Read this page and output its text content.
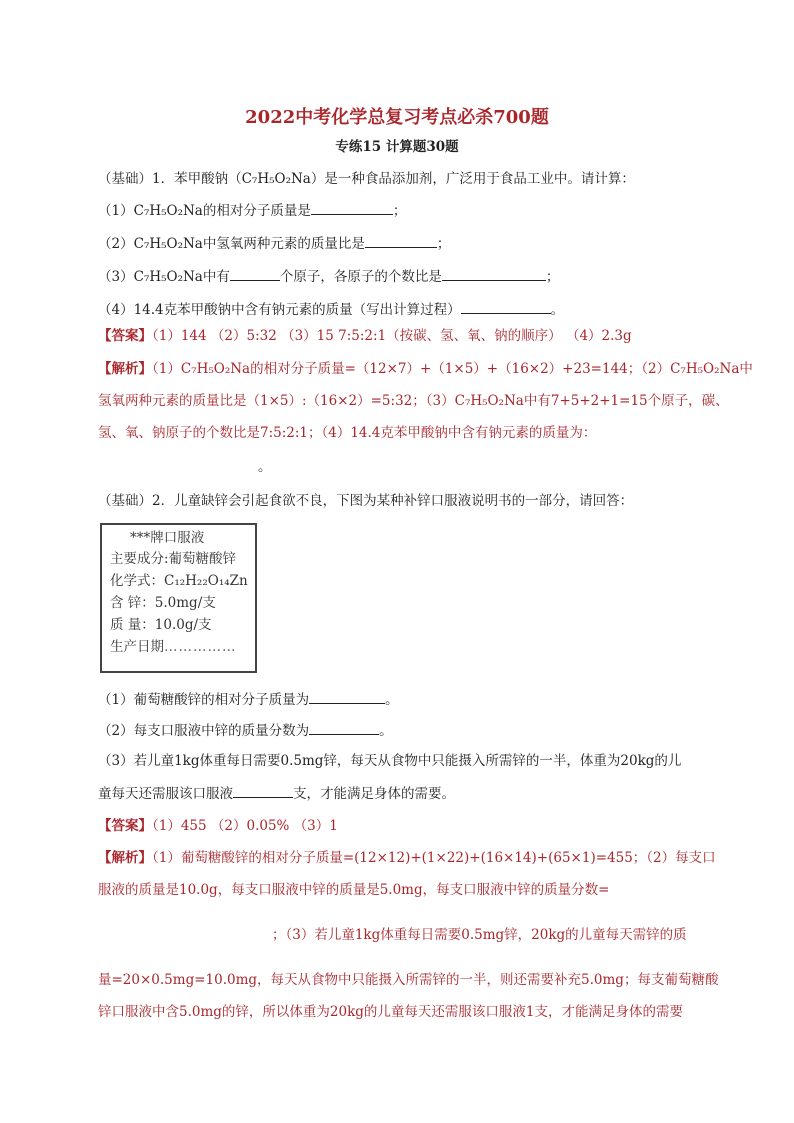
2022中考化学总复习考点必杀700题
专练15 计算题30题
（基础）1．苯甲酸钠（C₇H₅O₂Na）是一种食品添加剂，广泛用于食品工业中。请计算：
（1）C₇H₅O₂Na的相对分子质量是	；
（2）C₇H₅O₂Na中氢氧两种元素的质量比是	；
（3）C₇H₅O₂Na中有	个原子，各原子的个数比是	；
（4）14.4克苯甲酸钠中含有钠元素的质量（写出计算过程）	。
【答案】（1）144 （2）5:32 （3）15 7:5:2:1（按碳、氢、氧、钠的顺序） （4）2.3g
【解析】（1）C₇H₅O₂Na的相对分子质量=（12×7）+（1×5）+（16×2）+23=144；（2）C₇H₅O₂Na中
氢氧两种元素的质量比是（1×5）:（16×2）=5:32；（3）C₇H₅O₂Na中有7+5+2+1=15个原子，碳、
氢、氧、钠原子的个数比是7:5:2:1；（4）14.4克苯甲酸钠中含有钠元素的质量为：
。
（基础）2．儿童缺锌会引起食欲不良，下图为某种补锌口服液说明书的一部分，请回答：
***牌口服液
主要成分:葡萄糖酸锌
化学式：C₁₂H₂₂O₁₄Zn
含 锌：5.0mg/支
质 量：10.0g/支
生产日期……………
（1）葡萄糖酸锌的相对分子质量为	。
（2）每支口服液中锌的质量分数为	。
（3）若儿童1kg体重每日需要0.5mg锌，每天从食物中只能摄入所需锌的一半，体重为20kg的儿
童每天还需服该口服液	支，才能满足身体的需要。
【答案】（1）455 （2）0.05% （3）1
【解析】（1）葡萄糖酸锌的相对分子质量=(12×12)+(1×22)+(16×14)+(65×1)=455；（2）每支口
服液的质量是10.0g，每支口服液中锌的质量是5.0mg，每支口服液中锌的质量分数=
；（3）若儿童1kg体重每日需要0.5mg锌，20kg的儿童每天需锌的质
量=20×0.5mg=10.0mg，每天从食物中只能摄入所需锌的一半，则还需要补充5.0mg；每支葡萄糖酸
锌口服液中含5.0mg的锌，所以体重为20kg的儿童每天还需服该口服液1支，才能满足身体的需要
